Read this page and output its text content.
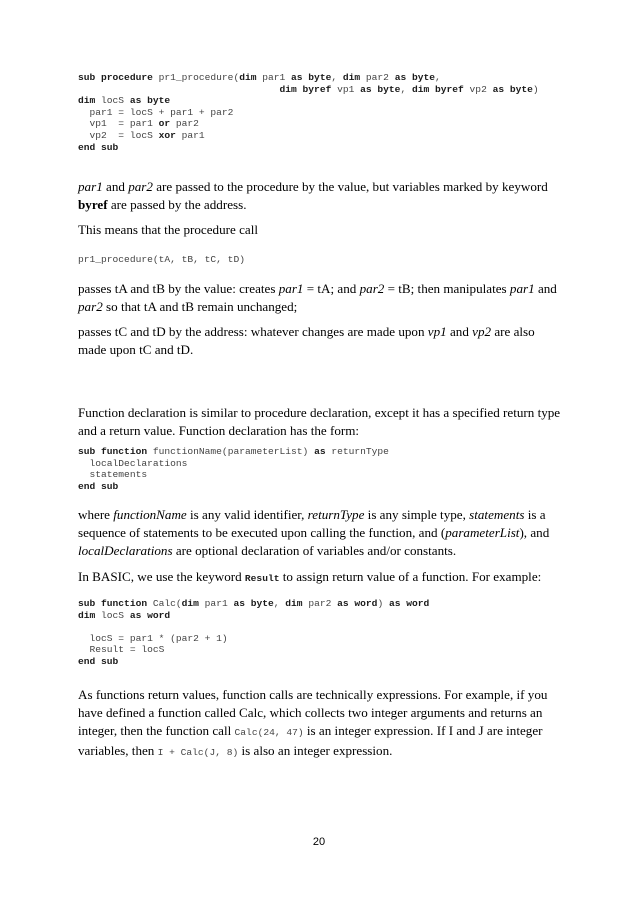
sub procedure pr1_procedure(dim par1 as byte, dim par2 as byte,
dim byref vp1 as byte, dim byref vp2 as byte)
dim locS as byte
par1 = locS + par1 + par2
vp1  = par1 or par2
vp2  = locS xor par1
end sub

par1 and par2 are passed to the procedure by the value, but variables marked by keyword byref are passed by the address.

This means that the procedure call

pr1_procedure(tA, tB, tC, tD)

passes tA and tB by the value: creates par1 = tA; and par2 = tB; then manipulates par1 and par2 so that tA and tB remain unchanged;

passes tC and tD by the address: whatever changes are made upon vp1 and vp2 are also made upon tC and tD.

Function declaration is similar to procedure declaration, except it has a specified return type and a return value. Function declaration has the form:

sub function functionName(parameterList) as returnType
localDeclarations
statements
end sub

where functionName is any valid identifier, returnType is any simple type, statements is a sequence of statements to be executed upon calling the function, and (parameterList), and localDeclarations are optional declaration of variables and/or constants.

In BASIC, we use the keyword Result to assign return value of a function. For example:

sub function Calc(dim par1 as byte, dim par2 as word) as word
dim locS as word

locS = par1 * (par2 + 1)
Result = locS
end sub

As functions return values, function calls are technically expressions. For example, if you have defined a function called Calc, which collects two integer arguments and returns an integer, then the function call Calc(24, 47) is an integer expression. If I and J are integer variables, then I + Calc(J, 8) is also an integer expression.

20
